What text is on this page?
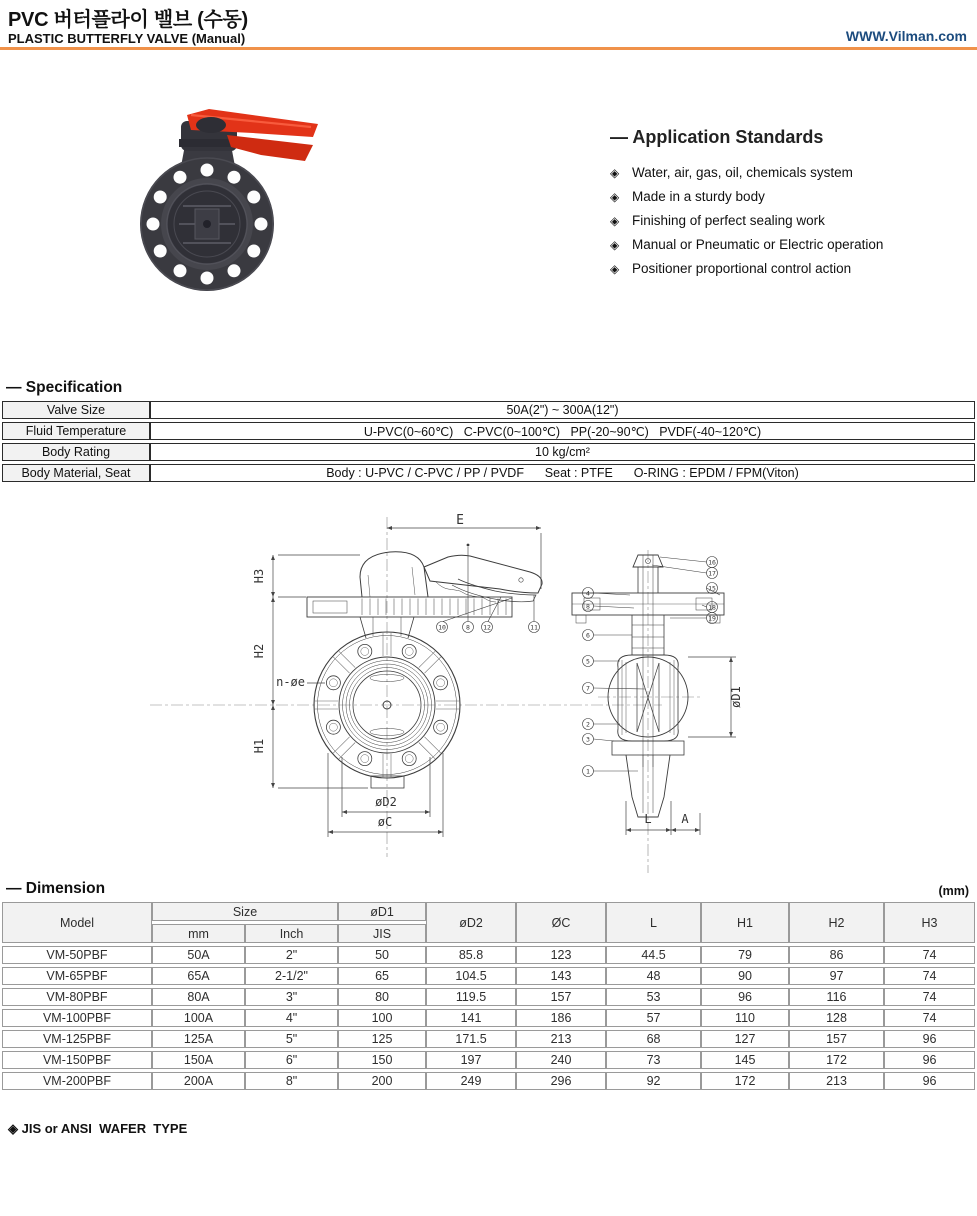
PVC 버터플라이 밸브 (수동)
PLASTIC BUTTERFLY VALVE (Manual)	WWW.Vilman.com
— Application Standards
◈ Water, air, gas, oil, chemicals system
◈ Made in a sturdy body
◈ Finishing of perfect sealing work
◈ Manual or Pneumatic or Electric operation
◈ Positioner proportional control action
— Specification
Valve Size	50A(2") ~ 300A(12")
Fluid Temperature	U-PVC(0~60℃)   C-PVC(0~100℃)   PP(-20~90℃)   PVDF(-40~120℃)
Body Rating	10 kg/cm²
Body Material, Seat	Body : U-PVC / C-PVC / PP / PVDF      Seat : PTFE      O-RING : EPDM / FPM(Viton)
E
H3
H2
H1
n-øe
øD2
øC
øD1
L A
10	8 12	11
4
8
6
5
7
2
3
1
16
17
15
18
19
— Dimension	(mm)
Model	Size		øD1	øD2	ØC	L	H1	H2	H3
	mm	Inch	JIS						
VM-50PBF	50A	2"	50	85.8	123	44.5	79	86	74
VM-65PBF	65A	2-1/2"	65	104.5	143	48	90	97	74
VM-80PBF	80A	3"	80	119.5	157	53	96	116	74
VM-100PBF	100A	4"	100	141	186	57	110	128	74
VM-125PBF	125A	5"	125	171.5	213	68	127	157	96
VM-150PBF	150A	6"	150	197	240	73	145	172	96
VM-200PBF	200A	8"	200	249	296	92	172	213	96
◈ JIS or ANSI  WAFER  TYPE
